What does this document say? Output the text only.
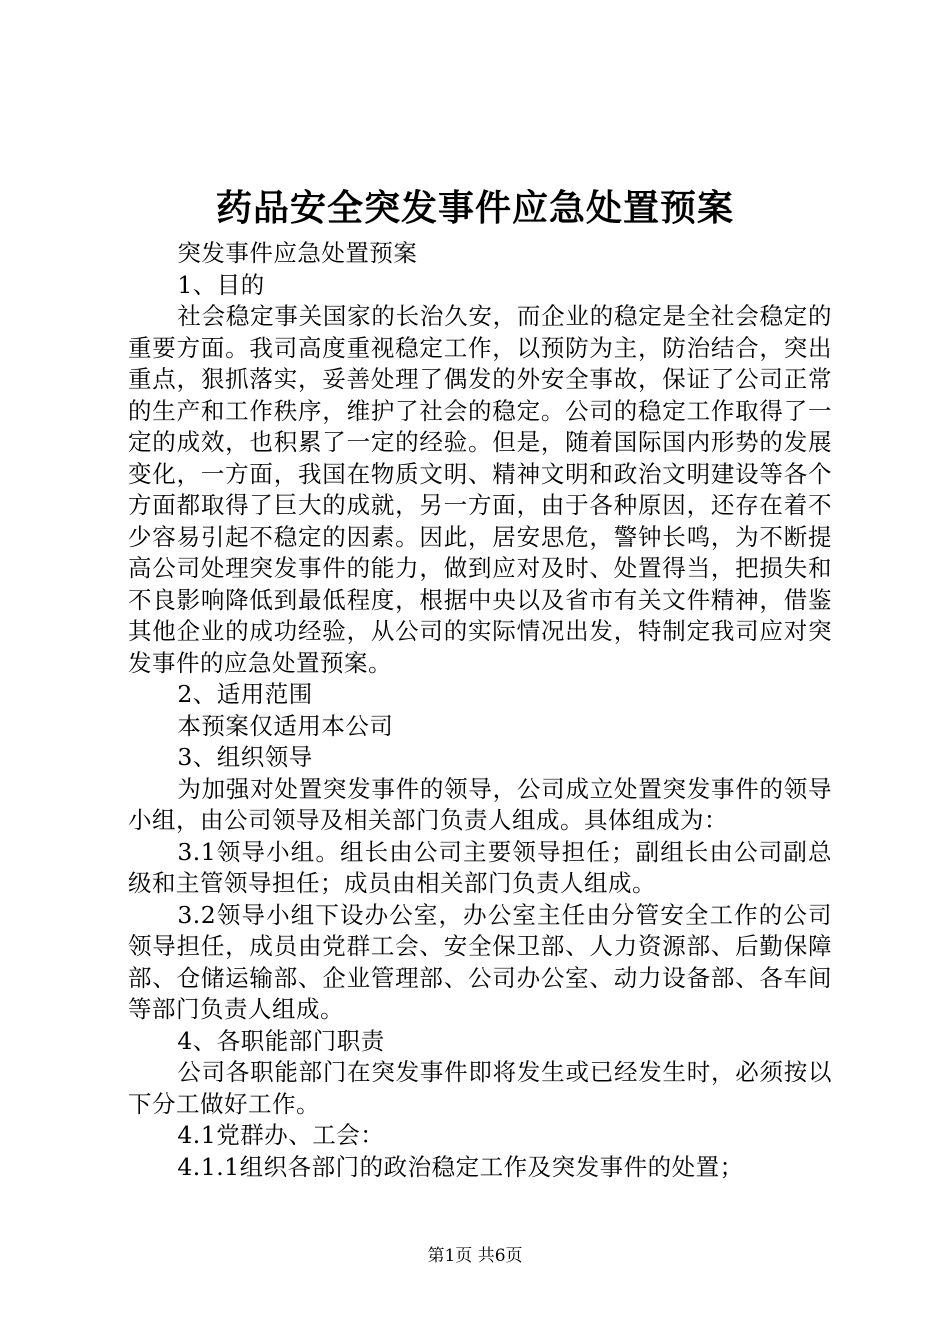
药品安全突发事件应急处置预案

突发事件应急处置预案

1、目的

社会稳定事关国家的长治久安，而企业的稳定是全社会稳定的重要方面。我司高度重视稳定工作，以预防为主，防治结合，突出重点，狠抓落实，妥善处理了偶发的外安全事故，保证了公司正常的生产和工作秩序，维护了社会的稳定。公司的稳定工作取得了一定的成效，也积累了一定的经验。但是，随着国际国内形势的发展变化，一方面，我国在物质文明、精神文明和政治文明建设等各个方面都取得了巨大的成就，另一方面，由于各种原因，还存在着不少容易引起不稳定的因素。因此，居安思危，警钟长鸣，为不断提高公司处理突发事件的能力，做到应对及时、处置得当，把损失和不良影响降低到最低程度，根据中央以及省市有关文件精神，借鉴其他企业的成功经验，从公司的实际情况出发，特制定我司应对突发事件的应急处置预案。

2、适用范围

本预案仅适用本公司

3、组织领导

为加强对处置突发事件的领导，公司成立处置突发事件的领导小组，由公司领导及相关部门负责人组成。具体组成为：

3.1领导小组。组长由公司主要领导担任；副组长由公司副总级和主管领导担任；成员由相关部门负责人组成。

3.2领导小组下设办公室，办公室主任由分管安全工作的公司领导担任，成员由党群工会、安全保卫部、人力资源部、后勤保障部、仓储运输部、企业管理部、公司办公室、动力设备部、各车间等部门负责人组成。

4、各职能部门职责

公司各职能部门在突发事件即将发生或已经发生时，必须按以下分工做好工作。

4.1党群办、工会：

4.1.1组织各部门的政治稳定工作及突发事件的处置；

第1页 共6页
